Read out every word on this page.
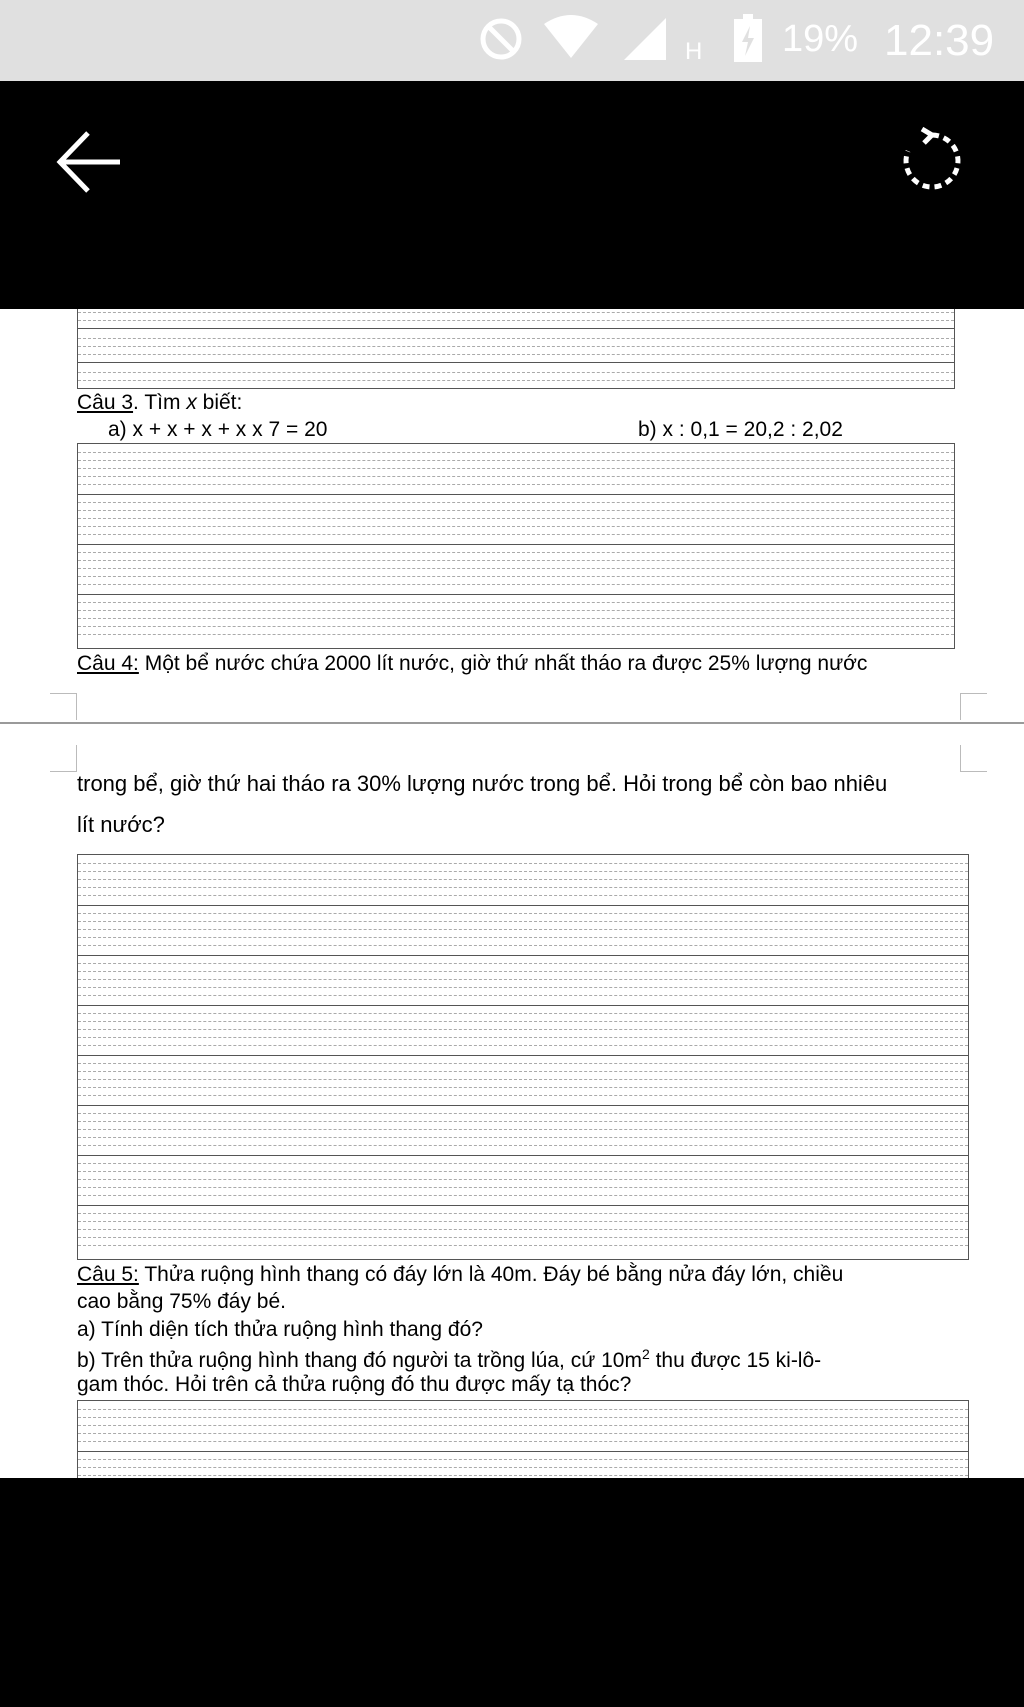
H 19% 12:39
Câu 3. Tìm x biết:
a) x + x + x + x x 7 = 20	b) x : 0,1 = 20,2 : 2,02
Câu 4: Một bể nước chứa 2000 lít nước, giờ thứ nhất tháo ra được 25% lượng nước
trong bể, giờ thứ hai tháo ra 30% lượng nước trong bể. Hỏi trong bể còn bao nhiêu
lít nước?
Câu 5: Thửa ruộng hình thang có đáy lớn là 40m. Đáy bé bằng nửa đáy lớn, chiều
cao bằng 75% đáy bé.
a) Tính diện tích thửa ruộng hình thang đó?
b) Trên thửa ruộng hình thang đó người ta trồng lúa, cứ $10m^2$ thu được 15 ki-lô-
gam thóc. Hỏi trên cả thửa ruộng đó thu được mấy tạ thóc?
